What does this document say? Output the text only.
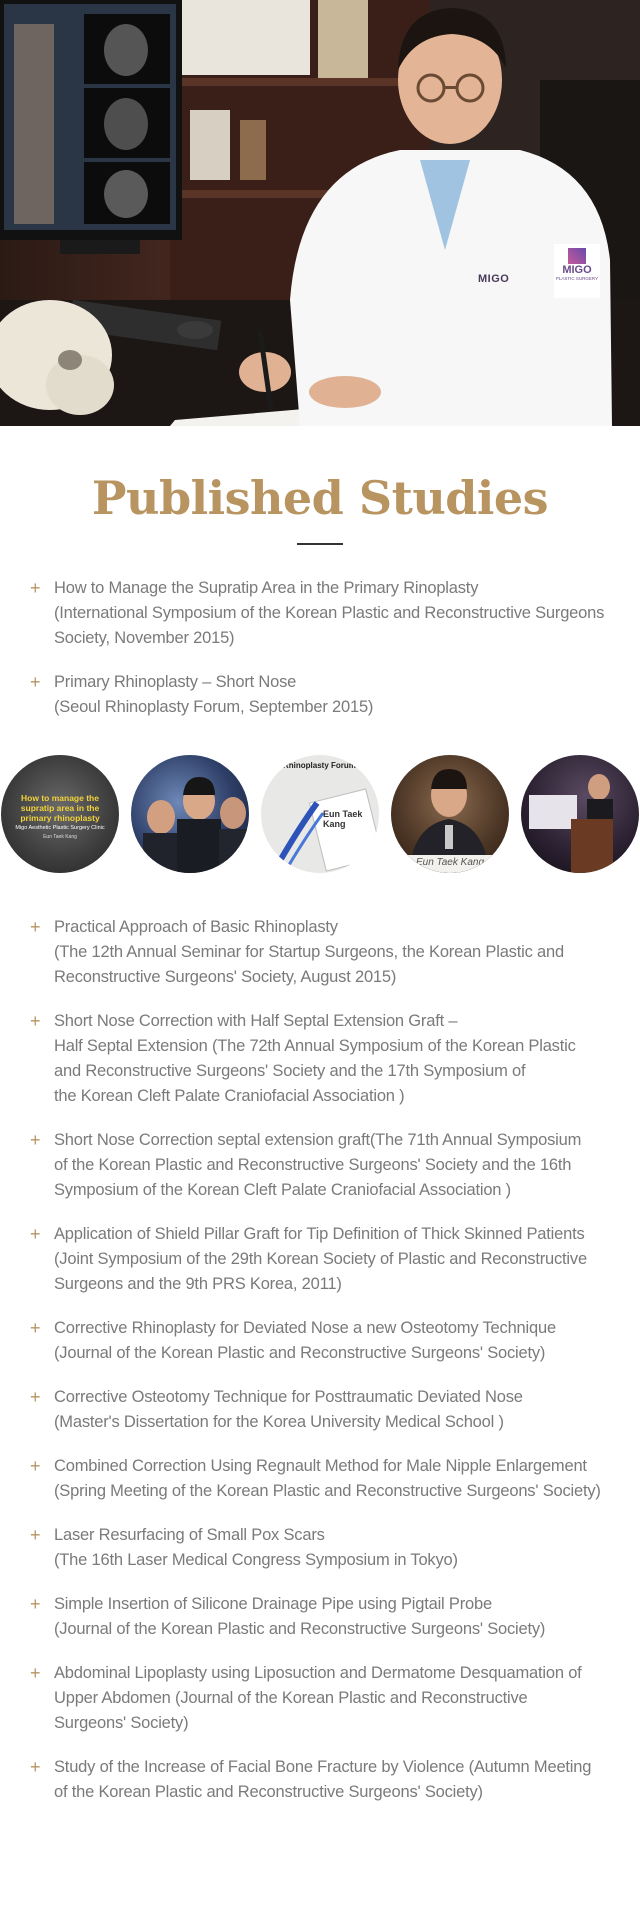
MIGO
MIGO
PLASTIC SURGERY
Published Studies
+ How to Manage the Supratip Area in the Primary Rinoplasty
(International Symposium of the Korean Plastic and Reconstructive Surgeons
Society, November 2015)
+ Primary Rhinoplasty – Short Nose
(Seoul Rhinoplasty Forum, September 2015)
How to manage the supratip area in the primary rhinoplasty
Migo Aesthetic Plastic Surgery Clinic
Eun Taek Kang
Rhinoplasty Forum 2015
Eun Taek Kang
Eun Taek Kang
+ Practical Approach of Basic Rhinoplasty
(The 12th Annual Seminar for Startup Surgeons, the Korean Plastic and
Reconstructive Surgeons' Society, August 2015)
+ Short Nose Correction with Half Septal Extension Graft –
Half Septal Extension (The 72th Annual Symposium of the Korean Plastic
and Reconstructive Surgeons' Society and the 17th Symposium of
the Korean Cleft Palate Craniofacial Association )
+ Short Nose Correction septal extension graft(The 71th Annual Symposium
of the Korean Plastic and Reconstructive Surgeons' Society and the 16th
Symposium of the Korean Cleft Palate Craniofacial Association )
+ Application of Shield Pillar Graft for Tip Definition of Thick Skinned Patients
(Joint Symposium of the 29th Korean Society of Plastic and Reconstructive
Surgeons and the 9th PRS Korea, 2011)
+ Corrective Rhinoplasty for Deviated Nose a new Osteotomy Technique
(Journal of the Korean Plastic and Reconstructive Surgeons' Society)
+ Corrective Osteotomy Technique for Posttraumatic Deviated Nose
(Master's Dissertation for the Korea University Medical School )
+ Combined Correction Using Regnault Method for Male Nipple Enlargement
(Spring Meeting of the Korean Plastic and Reconstructive Surgeons' Society)
+ Laser Resurfacing of Small Pox Scars
(The 16th Laser Medical Congress Symposium in Tokyo)
+ Simple Insertion of Silicone Drainage Pipe using Pigtail Probe
(Journal of the Korean Plastic and Reconstructive Surgeons' Society)
+ Abdominal Lipoplasty using Liposuction and Dermatome Desquamation of
Upper Abdomen (Journal of the Korean Plastic and Reconstructive
Surgeons' Society)
+ Study of the Increase of Facial Bone Fracture by Violence (Autumn Meeting
of the Korean Plastic and Reconstructive Surgeons' Society)
